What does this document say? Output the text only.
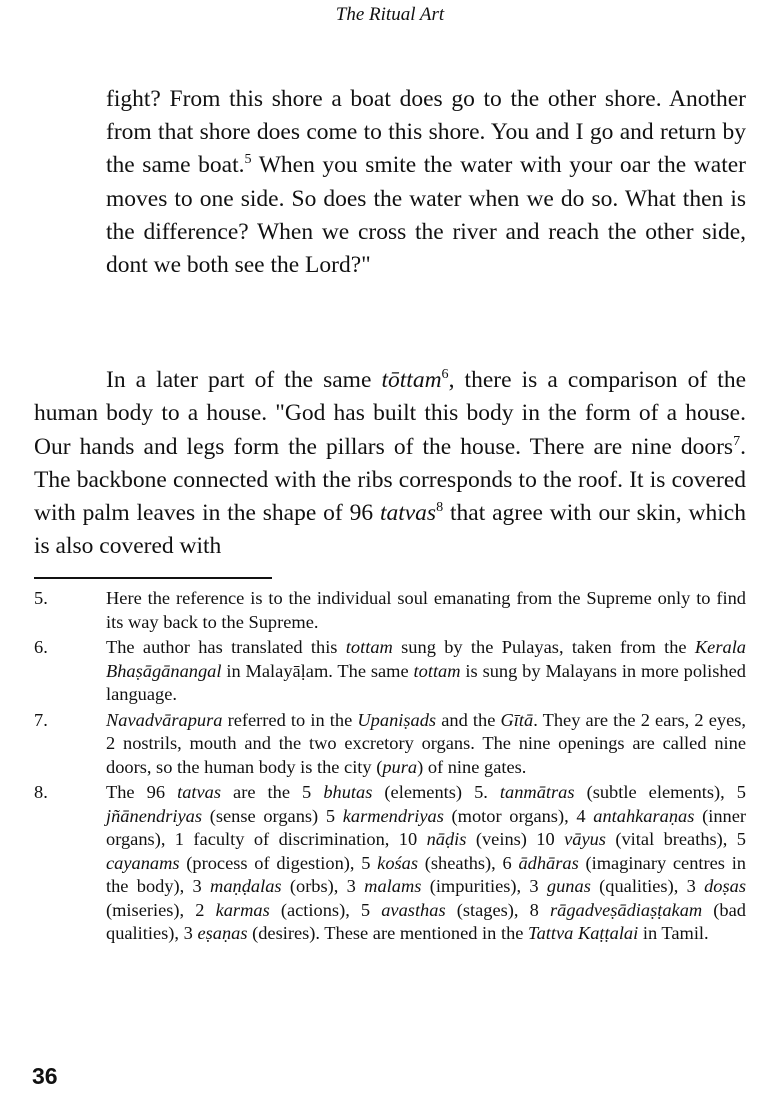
The Ritual Art

fight? From this shore a boat does go to the other shore. Another from that shore does come to this shore. You and I go and return by the same boat.$^5$ When you smite the water with your oar the water moves to one side. So does the water when we do so. What then is the difference? When we cross the river and reach the other side, dont we both see the Lord?"

In a later part of the same tōttam$^6$, there is a comparison of the human body to a house. "God has built this body in the form of a house. Our hands and legs form the pillars of the house. There are nine doors$^7$. The backbone connected with the ribs corresponds to the roof. It is covered with palm leaves in the shape of 96 tatvas$^8$ that agree with our skin, which is also covered with

5.	Here the reference is to the individual soul emanating from the Supreme only to find its way back to the Supreme.
6.	The author has translated this tottam sung by the Pulayas, taken from the Kerala Bhaṣāgānangal in Malayāḷam. The same tottam is sung by Malayans in more polished language.
7.	Navadvārapura referred to in the Upaniṣads and the Gītā. They are the 2 ears, 2 eyes, 2 nostrils, mouth and the two excretory organs. The nine openings are called nine doors, so the human body is the city (pura) of nine gates.
8.	The 96 tatvas are the 5 bhutas (elements) 5. tanmātras (subtle elements), 5 jñānendriyas (sense organs) 5 karmendriyas (motor organs), 4 antahkaraṇas (inner organs), 1 faculty of discrimination, 10 nāḍis (veins) 10 vāyus (vital breaths), 5 cayanams (process of digestion), 5 kośas (sheaths), 6 ādhāras (imaginary centres in the body), 3 maṇḍalas (orbs), 3 malams (impurities), 3 gunas (qualities), 3 doṣas (miseries), 2 karmas (actions), 5 avasthas (stages), 8 rāgadveṣādiaṣṭakam (bad qualities), 3 eṣaṇas (desires). These are mentioned in the Tattva Kaṭṭalai in Tamil.
36
